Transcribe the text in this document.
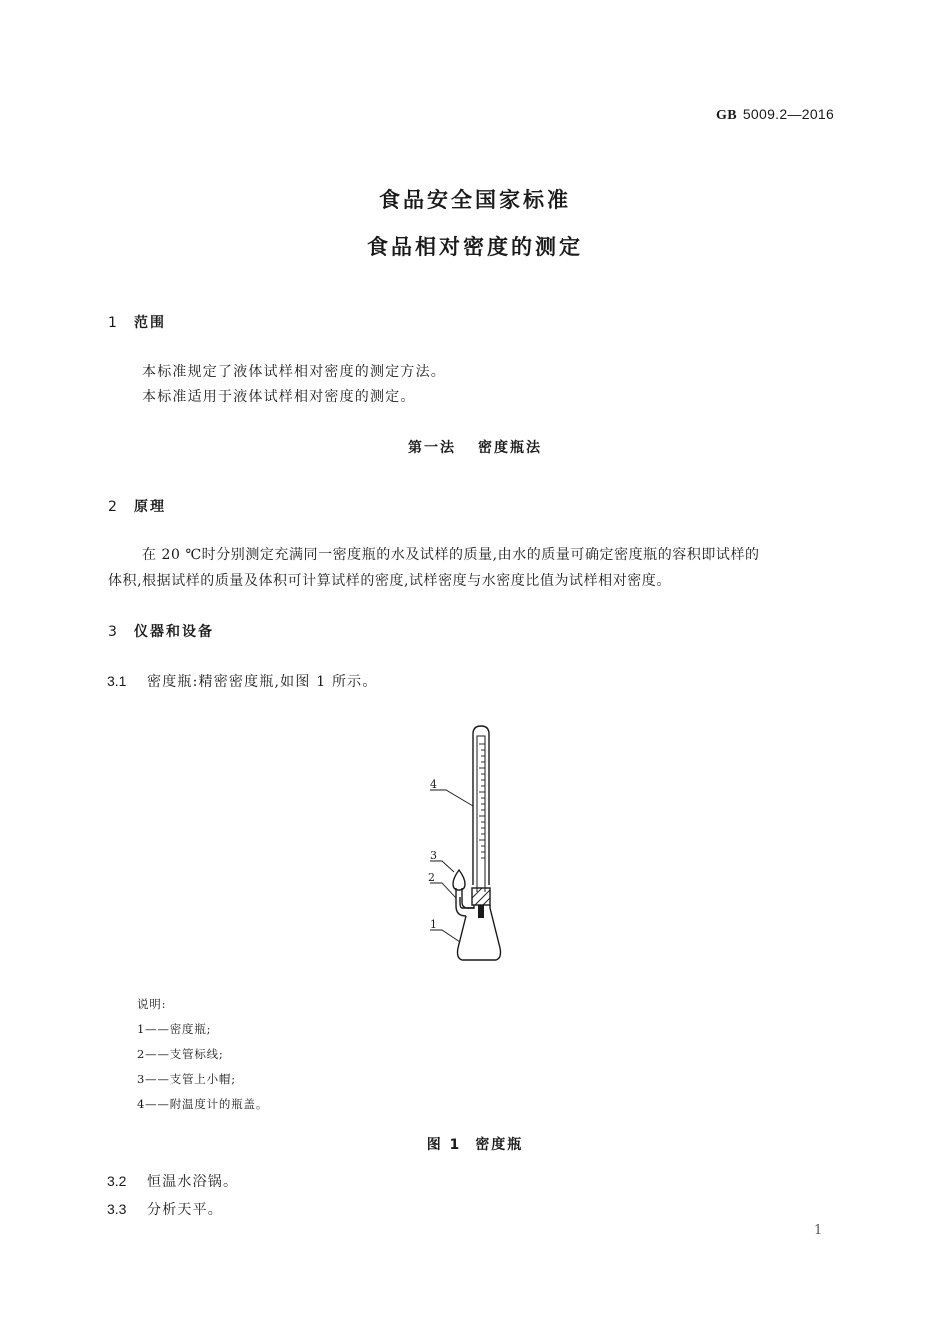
GB 5009.2—2016
食品安全国家标准
食品相对密度的测定
1 范围
本标准规定了液体试样相对密度的测定方法。
本标准适用于液体试样相对密度的测定。
第一法 密度瓶法
2 原理
在 20 ℃时分别测定充满同一密度瓶的水及试样的质量,由水的质量可确定密度瓶的容积即试样的
体积,根据试样的质量及体积可计算试样的密度,试样密度与水密度比值为试样相对密度。
3 仪器和设备
3.1 密度瓶:精密密度瓶,如图 1 所示。
4
3
2
1
说明:
1——密度瓶;
2——支管标线;
3——支管上小帽;
4——附温度计的瓶盖。
图 1 密度瓶
3.2 恒温水浴锅。
3.3 分析天平。
1
